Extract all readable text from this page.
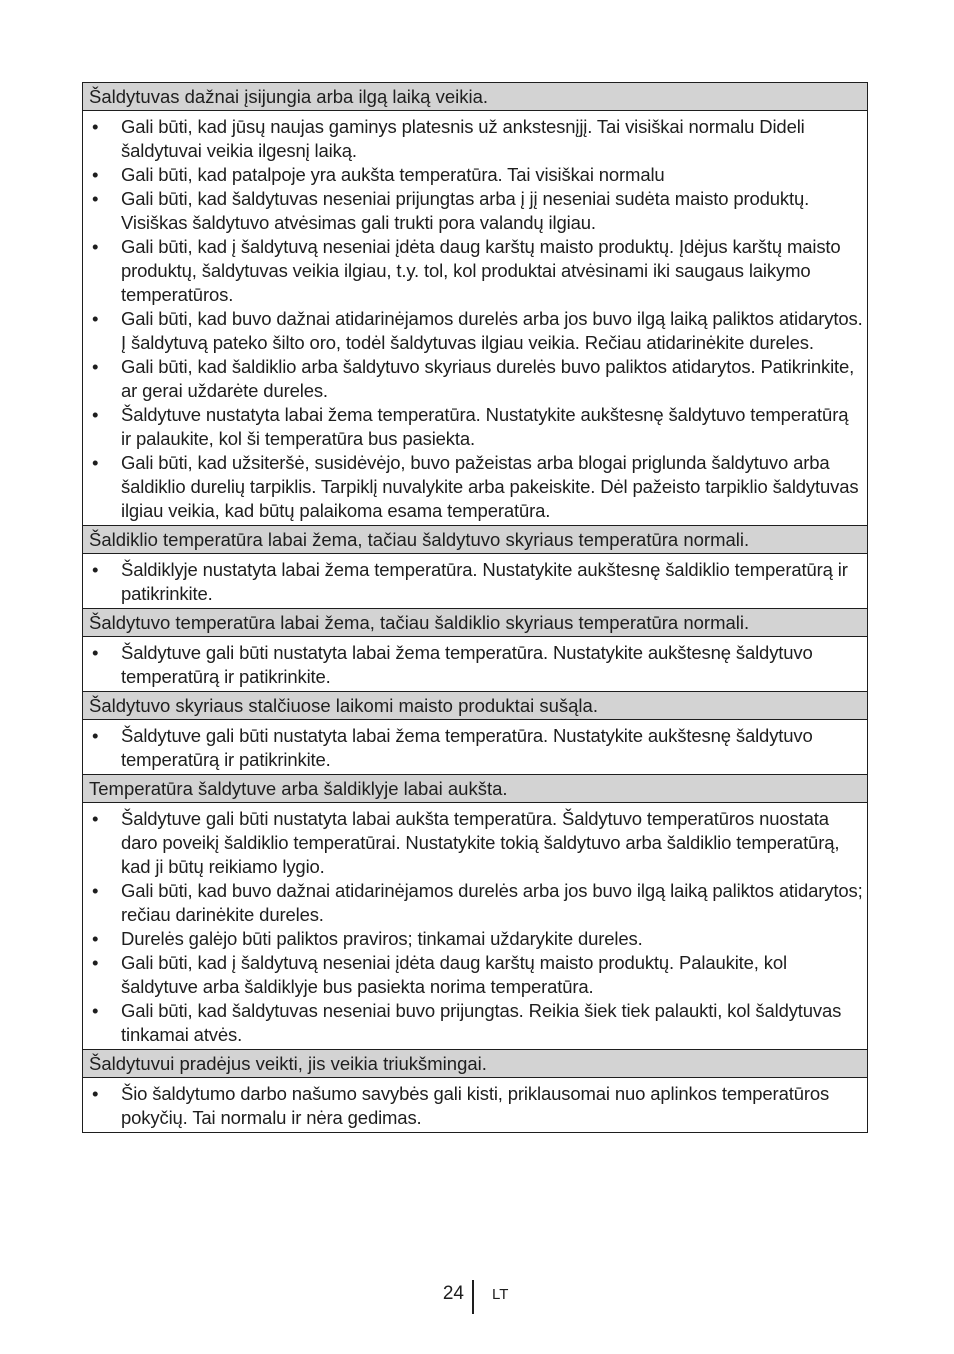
Šaldytuvas dažnai įsijungia arba ilgą laiką veikia.
• Gali būti, kad jūsų naujas gaminys platesnis už ankstesnįjį. Tai visiškai normalu Dideli šaldytuvai veikia ilgesnį laiką.
• Gali būti, kad patalpoje yra aukšta temperatūra. Tai visiškai normalu
• Gali būti, kad šaldytuvas neseniai prijungtas arba į jį neseniai sudėta maisto produktų. Visiškas šaldytuvo atvėsimas gali trukti pora valandų ilgiau.
• Gali būti, kad į šaldytuvą neseniai įdėta daug karštų maisto produktų. Įdėjus karštų maisto produktų, šaldytuvas veikia ilgiau, t.y. tol, kol produktai atvėsinami iki saugaus laikymo temperatūros.
• Gali būti, kad buvo dažnai atidarinėjamos durelės arba jos buvo ilgą laiką paliktos atidarytos. Į šaldytuvą pateko šilto oro, todėl šaldytuvas ilgiau veikia. Rečiau atidarinėkite dureles.
• Gali būti, kad šaldiklio arba šaldytuvo skyriaus durelės buvo paliktos atidarytos. Patikrinkite, ar gerai uždarėte dureles.
• Šaldytuve nustatyta labai žema temperatūra. Nustatykite aukštesnę šaldytuvo temperatūrą ir palaukite, kol ši temperatūra bus pasiekta.
• Gali būti, kad užsiteršė, susidėvėjo, buvo pažeistas arba blogai priglunda šaldytuvo arba šaldiklio durelių tarpiklis. Tarpiklį nuvalykite arba pakeiskite. Dėl pažeisto tarpiklio šaldytuvas ilgiau veikia, kad būtų palaikoma esama temperatūra.
Šaldiklio temperatūra labai žema, tačiau šaldytuvo skyriaus temperatūra normali.
• Šaldiklyje nustatyta labai žema temperatūra. Nustatykite aukštesnę šaldiklio temperatūrą ir patikrinkite.
Šaldytuvo temperatūra labai žema, tačiau šaldiklio skyriaus temperatūra normali.
• Šaldytuve gali būti nustatyta labai žema temperatūra. Nustatykite aukštesnę šaldytuvo temperatūrą ir patikrinkite.
Šaldytuvo skyriaus stalčiuose laikomi maisto produktai sušąla.
• Šaldytuve gali būti nustatyta labai žema temperatūra. Nustatykite aukštesnę šaldytuvo temperatūrą ir patikrinkite.
Temperatūra šaldytuve arba šaldiklyje labai aukšta.
• Šaldytuve gali būti nustatyta labai aukšta temperatūra. Šaldytuvo temperatūros nuostata daro poveikį šaldiklio temperatūrai. Nustatykite tokią šaldytuvo arba šaldiklio temperatūrą, kad ji būtų reikiamo lygio.
• Gali būti, kad buvo dažnai atidarinėjamos durelės arba jos buvo ilgą laiką paliktos atidarytos; rečiau darinėkite dureles.
• Durelės galėjo būti paliktos praviros; tinkamai uždarykite dureles.
• Gali būti, kad į šaldytuvą neseniai įdėta daug karštų maisto produktų. Palaukite, kol šaldytuve arba šaldiklyje bus pasiekta norima temperatūra.
• Gali būti, kad šaldytuvas neseniai buvo prijungtas. Reikia šiek tiek palaukti, kol šaldytuvas tinkamai atvės.
Šaldytuvui pradėjus veikti, jis veikia triukšmingai.
• Šio šaldytumo darbo našumo savybės gali kisti, priklausomai nuo aplinkos temperatūros pokyčių. Tai normalu ir nėra gedimas.
24 LT
